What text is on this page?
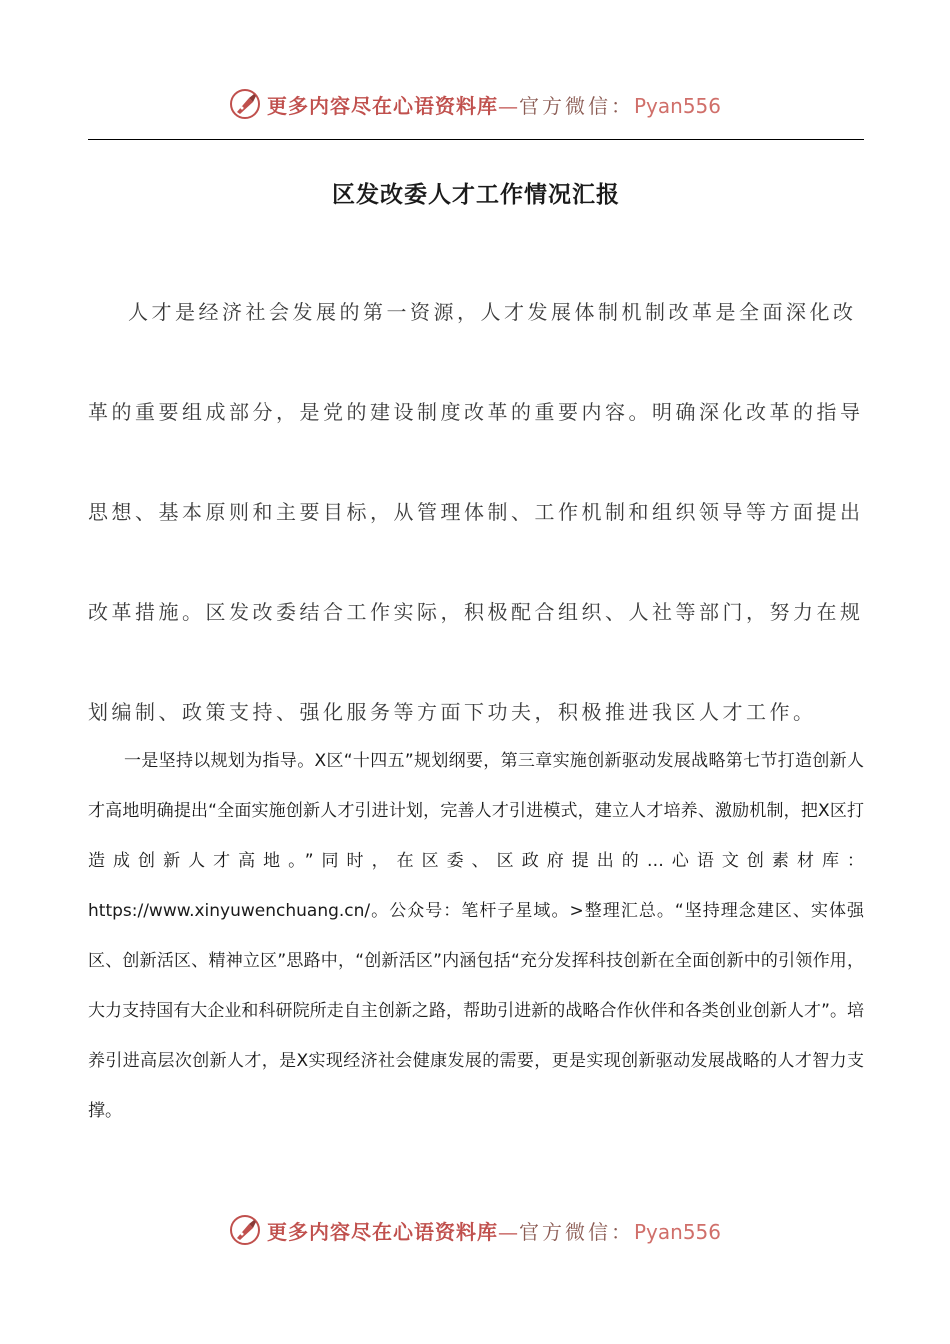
更多内容尽在心语资料库—官方微信：Pyan556
区发改委人才工作情况汇报

人才是经济社会发展的第一资源，人才发展体制机制改革是全面深化改革的重要组成部分，是党的建设制度改革的重要内容。明确深化改革的指导思想、基本原则和主要目标，从管理体制、工作机制和组织领导等方面提出改革措施。区发改委结合工作实际，积极配合组织、人社等部门，努力在规划编制、政策支持、强化服务等方面下功夫，积极推进我区人才工作。

一是坚持以规划为指导。X区“十四五”规划纲要，第三章实施创新驱动发展战略第七节打造创新人才高地明确提出“全面实施创新人才引进计划，完善人才引进模式，建立人才培养、激励机制，把X区打造成创新人才高地。”同时，在区委、区政府提出的…心语文创素材库：https://www.xinyuwenchuang.cn/。公众号：笔杆子星域。>整理汇总。“坚持理念建区、实体强区、创新活区、精神立区”思路中，“创新活区”内涵包括“充分发挥科技创新在全面创新中的引领作用，大力支持国有大企业和科研院所走自主创新之路，帮助引进新的战略合作伙伴和各类创业创新人才”。培养引进高层次创新人才，是X实现经济社会健康发展的需要，更是实现创新驱动发展战略的人才智力支撑。

更多内容尽在心语资料库—官方微信：Pyan556
